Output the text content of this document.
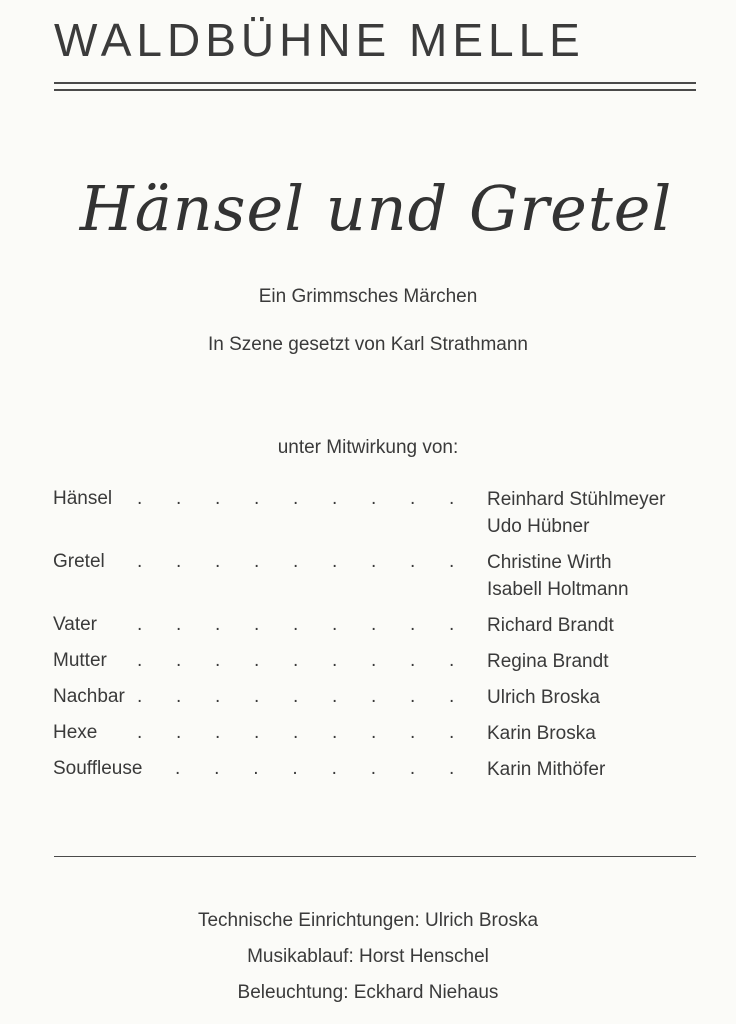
WALDBÜHNE MELLE
Hänsel und Gretel
Ein Grimmsches Märchen
In Szene gesetzt von Karl Strathmann
unter Mitwirkung von:
Hänsel	. . . . . . . . . Reinhard Stühlmeyer
Udo Hübner
Gretel	. . . . . . . . . Christine Wirth
Isabell Holtmann
Vater	. . . . . . . . . Richard Brandt
Mutter	. . . . . . . . . Regina Brandt
Nachbar . . . . . . . . . Ulrich Broska
Hexe	. . . . . . . . . Karin Broska
Souffleuse	. . . . . . . . Karin Mithöfer
Technische Einrichtungen: Ulrich Broska
Musikablauf: Horst Henschel
Beleuchtung: Eckhard Niehaus
